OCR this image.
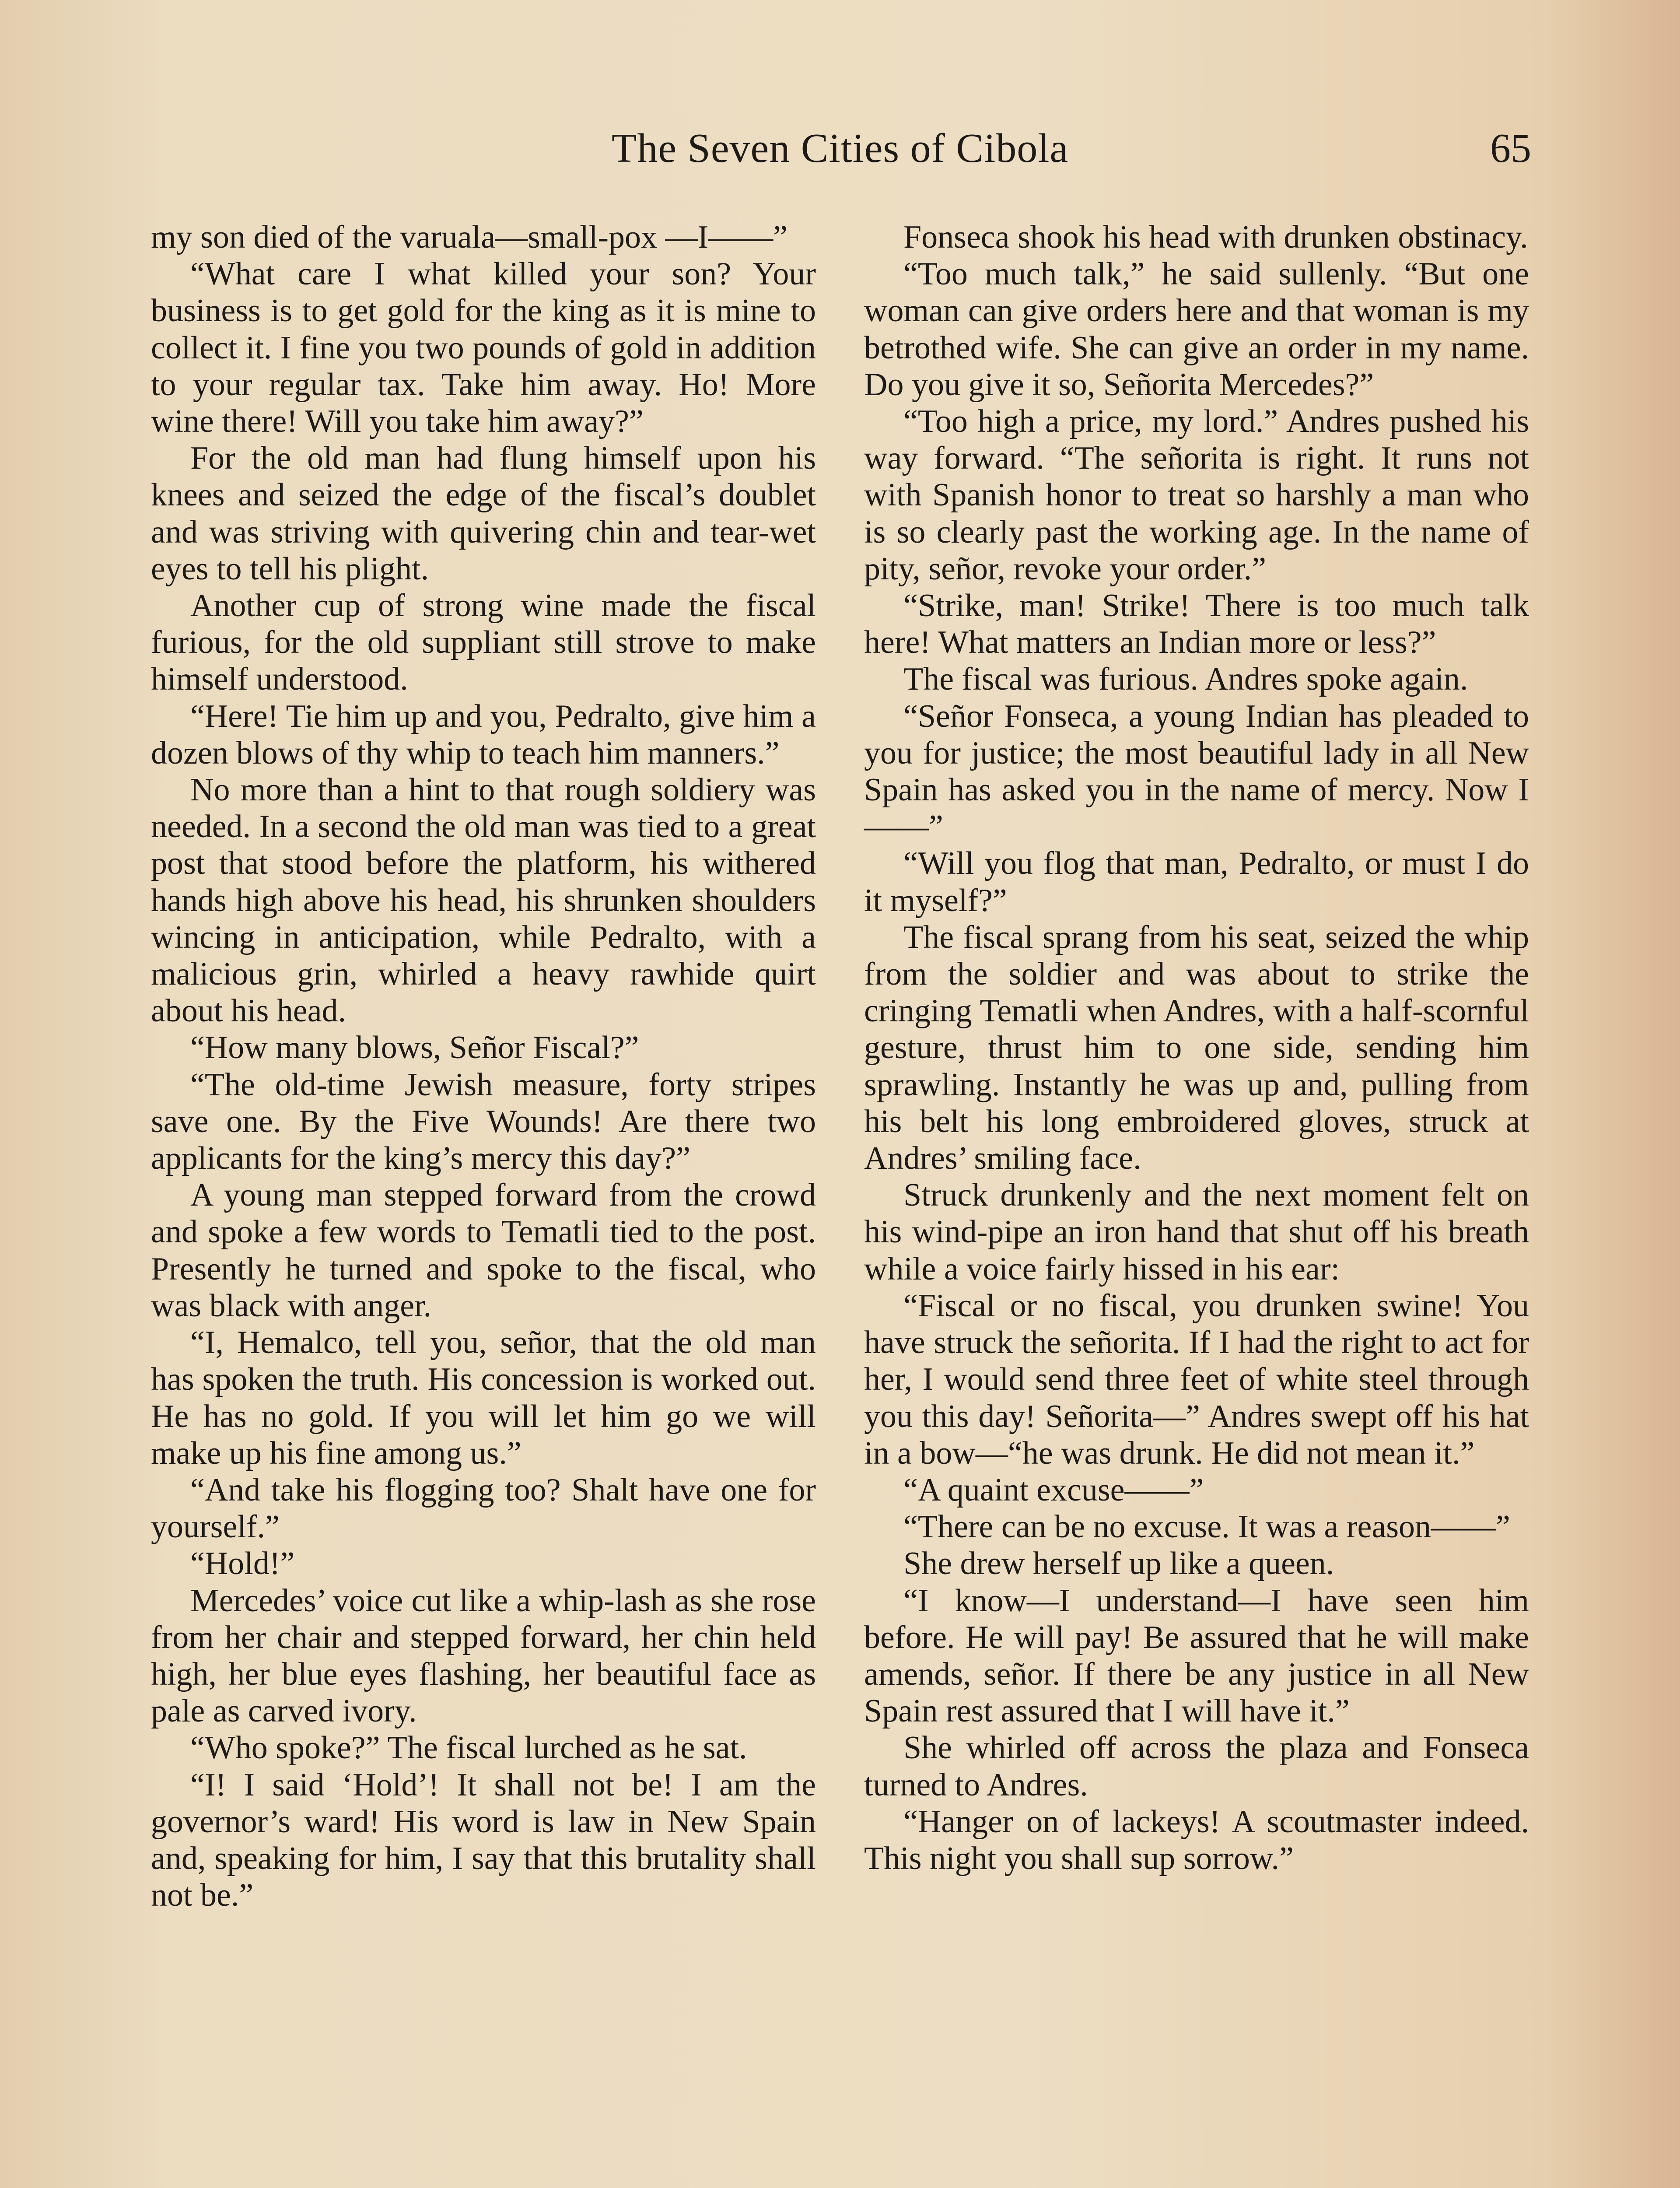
The Seven Cities of Cibola	65

my son died of the varuala—small-pox —I——”

“What care I what killed your son? Your business is to get gold for the king as it is mine to collect it. I fine you two pounds of gold in addition to your regular tax. Take him away. Ho! More wine there! Will you take him away?”

For the old man had flung himself upon his knees and seized the edge of the fiscal’s doublet and was striving with quivering chin and tear-wet eyes to tell his plight.

Another cup of strong wine made the fiscal furious, for the old suppliant still strove to make himself understood.

“Here! Tie him up and you, Pedralto, give him a dozen blows of thy whip to teach him manners.”

No more than a hint to that rough soldiery was needed. In a second the old man was tied to a great post that stood before the platform, his withered hands high above his head, his shrunken shoulders wincing in anticipation, while Pedralto, with a malicious grin, whirled a heavy rawhide quirt about his head.

“How many blows, Señor Fiscal?”

“The old-time Jewish measure, forty stripes save one. By the Five Wounds! Are there two applicants for the king’s mercy this day?”

A young man stepped forward from the crowd and spoke a few words to Tematli tied to the post. Presently he turned and spoke to the fiscal, who was black with anger.

“I, Hemalco, tell you, señor, that the old man has spoken the truth. His concession is worked out. He has no gold. If you will let him go we will make up his fine among us.”

“And take his flogging too? Shalt have one for yourself.”

“Hold!”

Mercedes’ voice cut like a whip-lash as she rose from her chair and stepped forward, her chin held high, her blue eyes flashing, her beautiful face as pale as carved ivory.

“Who spoke?” The fiscal lurched as he sat.

“I! I said ‘Hold’! It shall not be! I am the governor’s ward! His word is law in New Spain and, speaking for him, I say that this brutality shall not be.”

Fonseca shook his head with drunken obstinacy.

“Too much talk,” he said sullenly. “But one woman can give orders here and that woman is my betrothed wife. She can give an order in my name. Do you give it so, Señorita Mercedes?”

“Too high a price, my lord.” Andres pushed his way forward. “The señorita is right. It runs not with Spanish honor to treat so harshly a man who is so clearly past the working age. In the name of pity, señor, revoke your order.”

“Strike, man! Strike! There is too much talk here! What matters an Indian more or less?”

The fiscal was furious. Andres spoke again.

“Señor Fonseca, a young Indian has pleaded to you for justice; the most beautiful lady in all New Spain has asked you in the name of mercy. Now I——”

“Will you flog that man, Pedralto, or must I do it myself?”

The fiscal sprang from his seat, seized the whip from the soldier and was about to strike the cringing Tematli when Andres, with a half-scornful gesture, thrust him to one side, sending him sprawling. Instantly he was up and, pulling from his belt his long embroidered gloves, struck at Andres’ smiling face.

Struck drunkenly and the next moment felt on his wind-pipe an iron hand that shut off his breath while a voice fairly hissed in his ear:

“Fiscal or no fiscal, you drunken swine! You have struck the señorita. If I had the right to act for her, I would send three feet of white steel through you this day! Señorita—” Andres swept off his hat in a bow—“he was drunk. He did not mean it.”

“A quaint excuse——”

“There can be no excuse. It was a reason——”

She drew herself up like a queen.

“I know—I understand—I have seen him before. He will pay! Be assured that he will make amends, señor. If there be any justice in all New Spain rest assured that I will have it.”

She whirled off across the plaza and Fonseca turned to Andres.

“Hanger on of lackeys! A scoutmaster indeed. This night you shall sup sorrow.”
